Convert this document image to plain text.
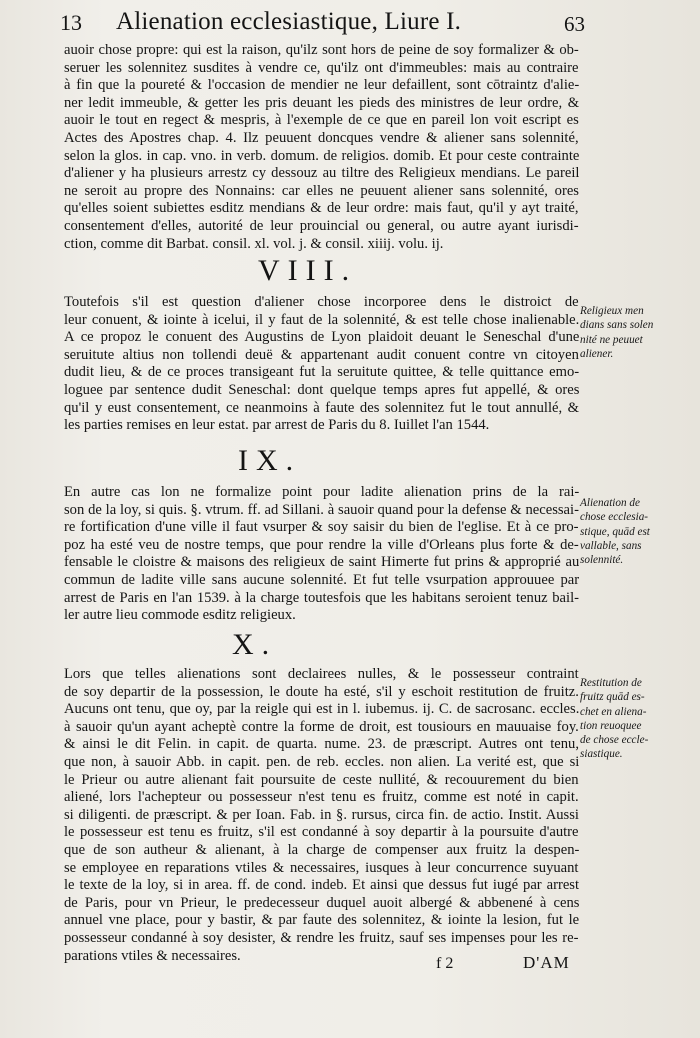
13 Alienation ecclesiastique, Liure I.	63
auoir chose propre: qui est la raison, qu'ilz sont hors de peine de soy formalizer & ob-
seruer les solennitez susdites à vendre ce, qu'ilz ont d'immeubles: mais au contraire
à fin que la poureté & l'occasion de mendier ne leur defaillent, sont cōtraintz d'alie-
ner ledit immeuble, & getter les pris deuant les pieds des ministres de leur ordre, &
auoir le tout en regect & mespris, à l'exemple de ce que en pareil lon voit escript es
Actes des Apostres chap. 4. Ilz peuuent doncques vendre & aliener sans solennité,
selon la glos. in cap. vno. in verb. domum. de religios. domib. Et pour ceste contrainte
d'aliener y ha plusieurs arrestz cy dessouz au tiltre des Religieux mendians. Le pareil
ne seroit au propre des Nonnains: car elles ne peuuent aliener sans solennité, ores
qu'elles soient subiettes esditz mendians & de leur ordre: mais faut, qu'il y ayt traité,
consentement d'elles, autorité de leur prouincial ou general, ou autre ayant iurisdi-
ction, comme dit Barbat. consil. xl. vol. j. & consil. xiiij. volu. ij.
VIII.
Toutefois s'il est question d'aliener chose incorporee dens le distroict de
leur conuent, & iointe à icelui, il y faut de la solennité, & est telle chose inalienable.
A ce propoz le conuent des Augustins de Lyon plaidoit deuant le Seneschal d'une
seruitute altius non tollendi deuë & appartenant audit conuent contre vn citoyen
dudit lieu, & de ce proces transigeant fut la seruitute quittee, & telle quittance emo-
loguee par sentence dudit Seneschal: dont quelque temps apres fut appellé, & ores
qu'il y eust consentement, ce neanmoins à faute des solennitez fut le tout annullé, &
les parties remises en leur estat. par arrest de Paris du 8. Iuillet l'an 1544.
IX.
En autre cas lon ne formalize point pour ladite alienation prins de la rai-
son de la loy, si quis. §. vtrum. ff. ad Sillani. à sauoir quand pour la defense & necessai-
re fortification d'une ville il faut vsurper & soy saisir du bien de l'eglise. Et à ce pro-
poz ha esté veu de nostre temps, que pour rendre la ville d'Orleans plus forte & de-
fensable le cloistre & maisons des religieux de saint Himerte fut prins & approprié au
commun de ladite ville sans aucune solennité. Et fut telle vsurpation approuuee par
arrest de Paris en l'an 1539. à la charge toutesfois que les habitans seroient tenuz bail-
ler autre lieu commode esditz religieux.
X.
Lors que telles alienations sont declairees nulles, & le possesseur contraint
de soy departir de la possession, le doute ha esté, s'il y eschoit restitution de fruitz.
Aucuns ont tenu, que oy, par la reigle qui est in l. iubemus. ij. C. de sacrosanc. eccles.
à sauoir qu'un ayant acheptè contre la forme de droit, est tousiours en mauuaise foy.
& ainsi le dit Felin. in capit. de quarta. nume. 23. de præscript. Autres ont tenu,
que non, à sauoir Abb. in capit. pen. de reb. eccles. non alien. La verité est, que si
le Prieur ou autre alienant fait poursuite de ceste nullité, & recouurement du bien
aliené, lors l'achepteur ou possesseur n'est tenu es fruitz, comme est noté in capit.
si diligenti. de præscript. & per Ioan. Fab. in §. rursus, circa fin. de actio. Instit. Aussi
le possesseur est tenu es fruitz, s'il est condanné à soy departir à la poursuite d'autre
que de son autheur & alienant, à la charge de compenser aux fruitz la despen-
se employee en reparations vtiles & necessaires, iusques à leur concurrence suyuant
le texte de la loy, si in area. ff. de cond. indeb. Et ainsi que dessus fut iugé par arrest
de Paris, pour vn Prieur, le predecesseur duquel auoit albergé & abbenené à cens
annuel vne place, pour y bastir, & par faute des solennitez, & iointe la lesion, fut le
possesseur condanné à soy desister, & rendre les fruitz, sauf ses impenses pour les re-
parations vtiles & necessaires.
Religieux men
dians sans solen
nité ne peuuet
aliener.
Alienation de
chose ecclesia-
stique, quād est
vallable, sans
solennité.
Restitution de
fruitz quād es-
chet en aliena-
tion reuoquee
de chose eccle-
siastique.
f 2	D'AM
